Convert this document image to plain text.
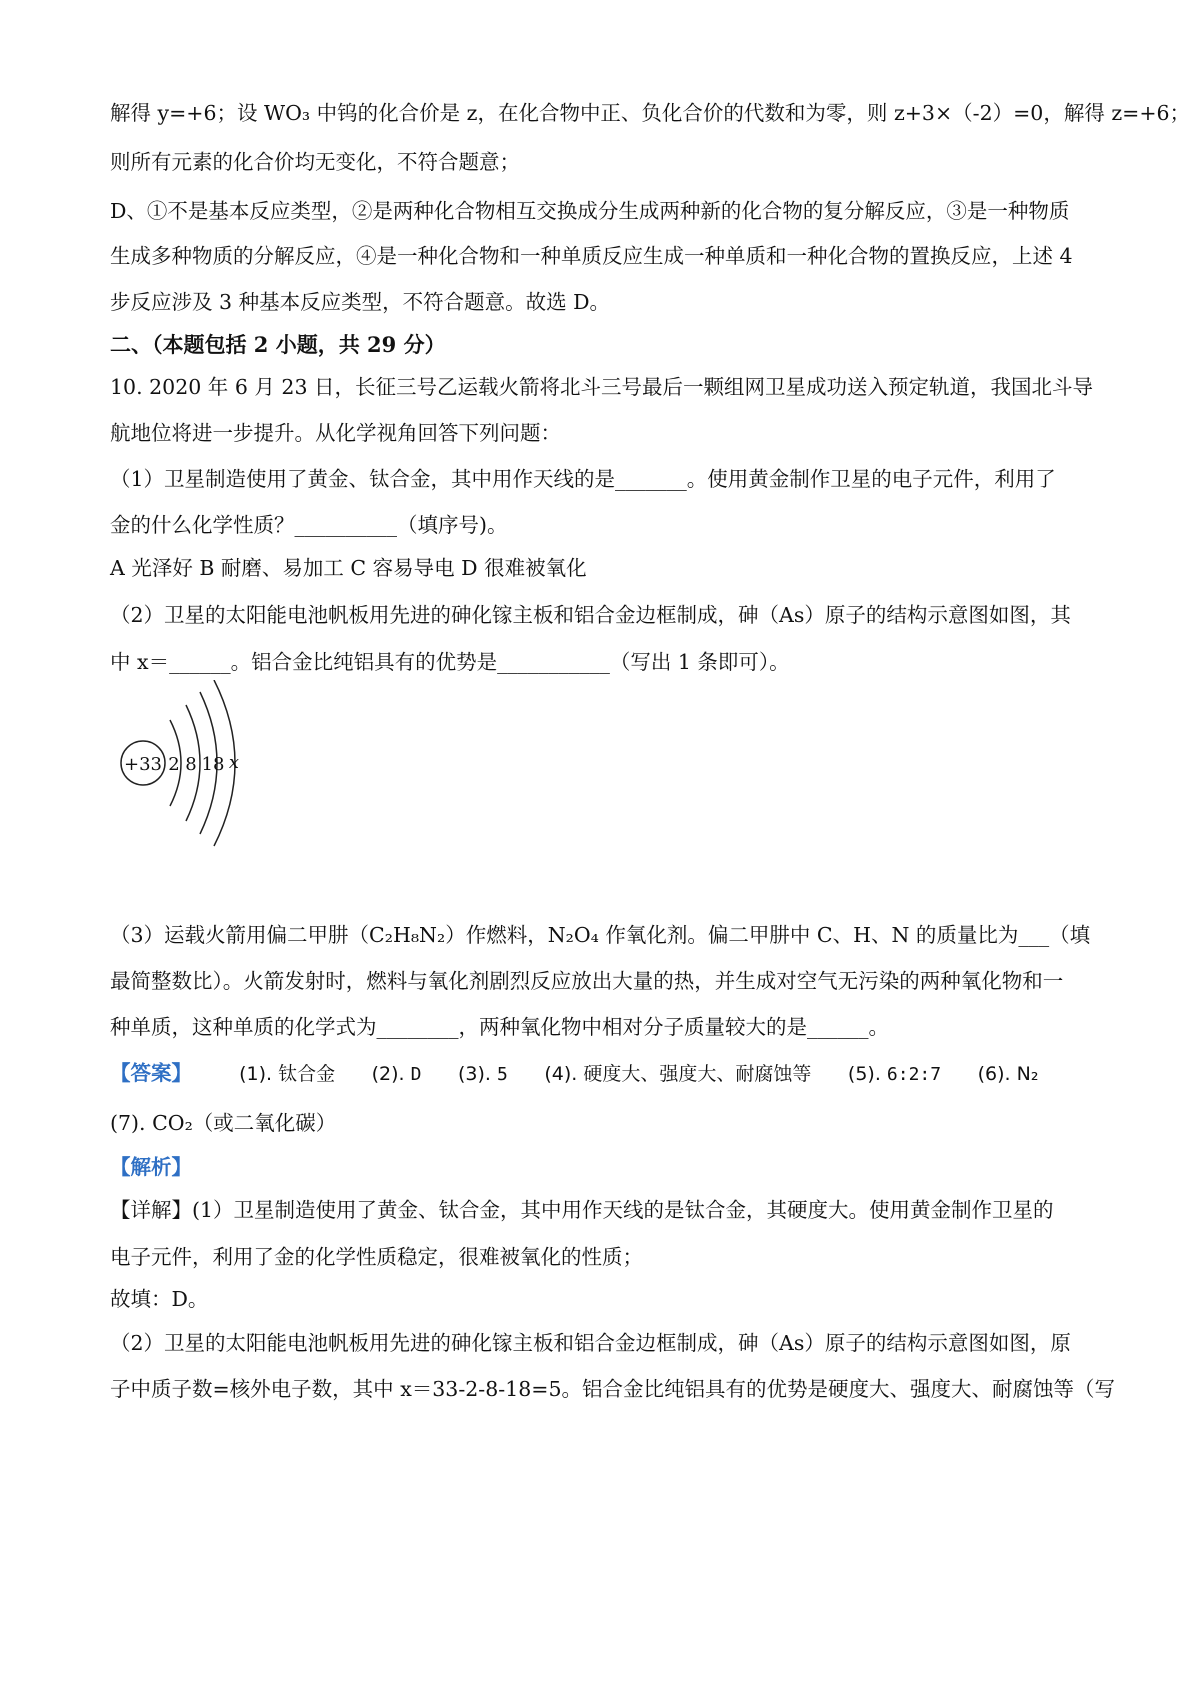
解得 y=+6；设 WO₃ 中钨的化合价是 z，在化合物中正、负化合价的代数和为零，则 z+3×（-2）=0，解得 z=+6；
则所有元素的化合价均无变化，不符合题意；
D、①不是基本反应类型，②是两种化合物相互交换成分生成两种新的化合物的复分解反应，③是一种物质
生成多种物质的分解反应，④是一种化合物和一种单质反应生成一种单质和一种化合物的置换反应，上述 4
步反应涉及 3 种基本反应类型，不符合题意。故选 D。
二、（本题包括 2 小题，共 29 分）
10. 2020 年 6 月 23 日，长征三号乙运载火箭将北斗三号最后一颗组网卫星成功送入预定轨道，我国北斗导
航地位将进一步提升。从化学视角回答下列问题：
（1）卫星制造使用了黄金、钛合金，其中用作天线的是_______。使用黄金制作卫星的电子元件，利用了
金的什么化学性质？__________（填序号)。
A 光泽好 B 耐磨、易加工 C 容易导电 D 很难被氧化
（2）卫星的太阳能电池帆板用先进的砷化镓主板和铝合金边框制成，砷（As）原子的结构示意图如图，其
中 x＝______。铝合金比纯铝具有的优势是___________（写出 1 条即可）。
+33 2 8 18 x
（3）运载火箭用偏二甲肼（C₂H₈N₂）作燃料，N₂O₄ 作氧化剂。偏二甲肼中 C、H、N 的质量比为___（填
最简整数比）。火箭发射时，燃料与氧化剂剧烈反应放出大量的热，并生成对空气无污染的两种氧化物和一
种单质，这种单质的化学式为________，两种氧化物中相对分子质量较大的是______。
【答案】 (1). 钛合金 (2). D (3). 5 (4). 硬度大、强度大、耐腐蚀等 (5). 6:2:7 (6). N₂
(7). CO₂（或二氧化碳）
【解析】
【详解】(1）卫星制造使用了黄金、钛合金，其中用作天线的是钛合金，其硬度大。使用黄金制作卫星的
电子元件，利用了金的化学性质稳定，很难被氧化的性质；
故填：D。
（2）卫星的太阳能电池帆板用先进的砷化镓主板和铝合金边框制成，砷（As）原子的结构示意图如图，原
子中质子数=核外电子数，其中 x＝33-2-8-18=5。铝合金比纯铝具有的优势是硬度大、强度大、耐腐蚀等（写
